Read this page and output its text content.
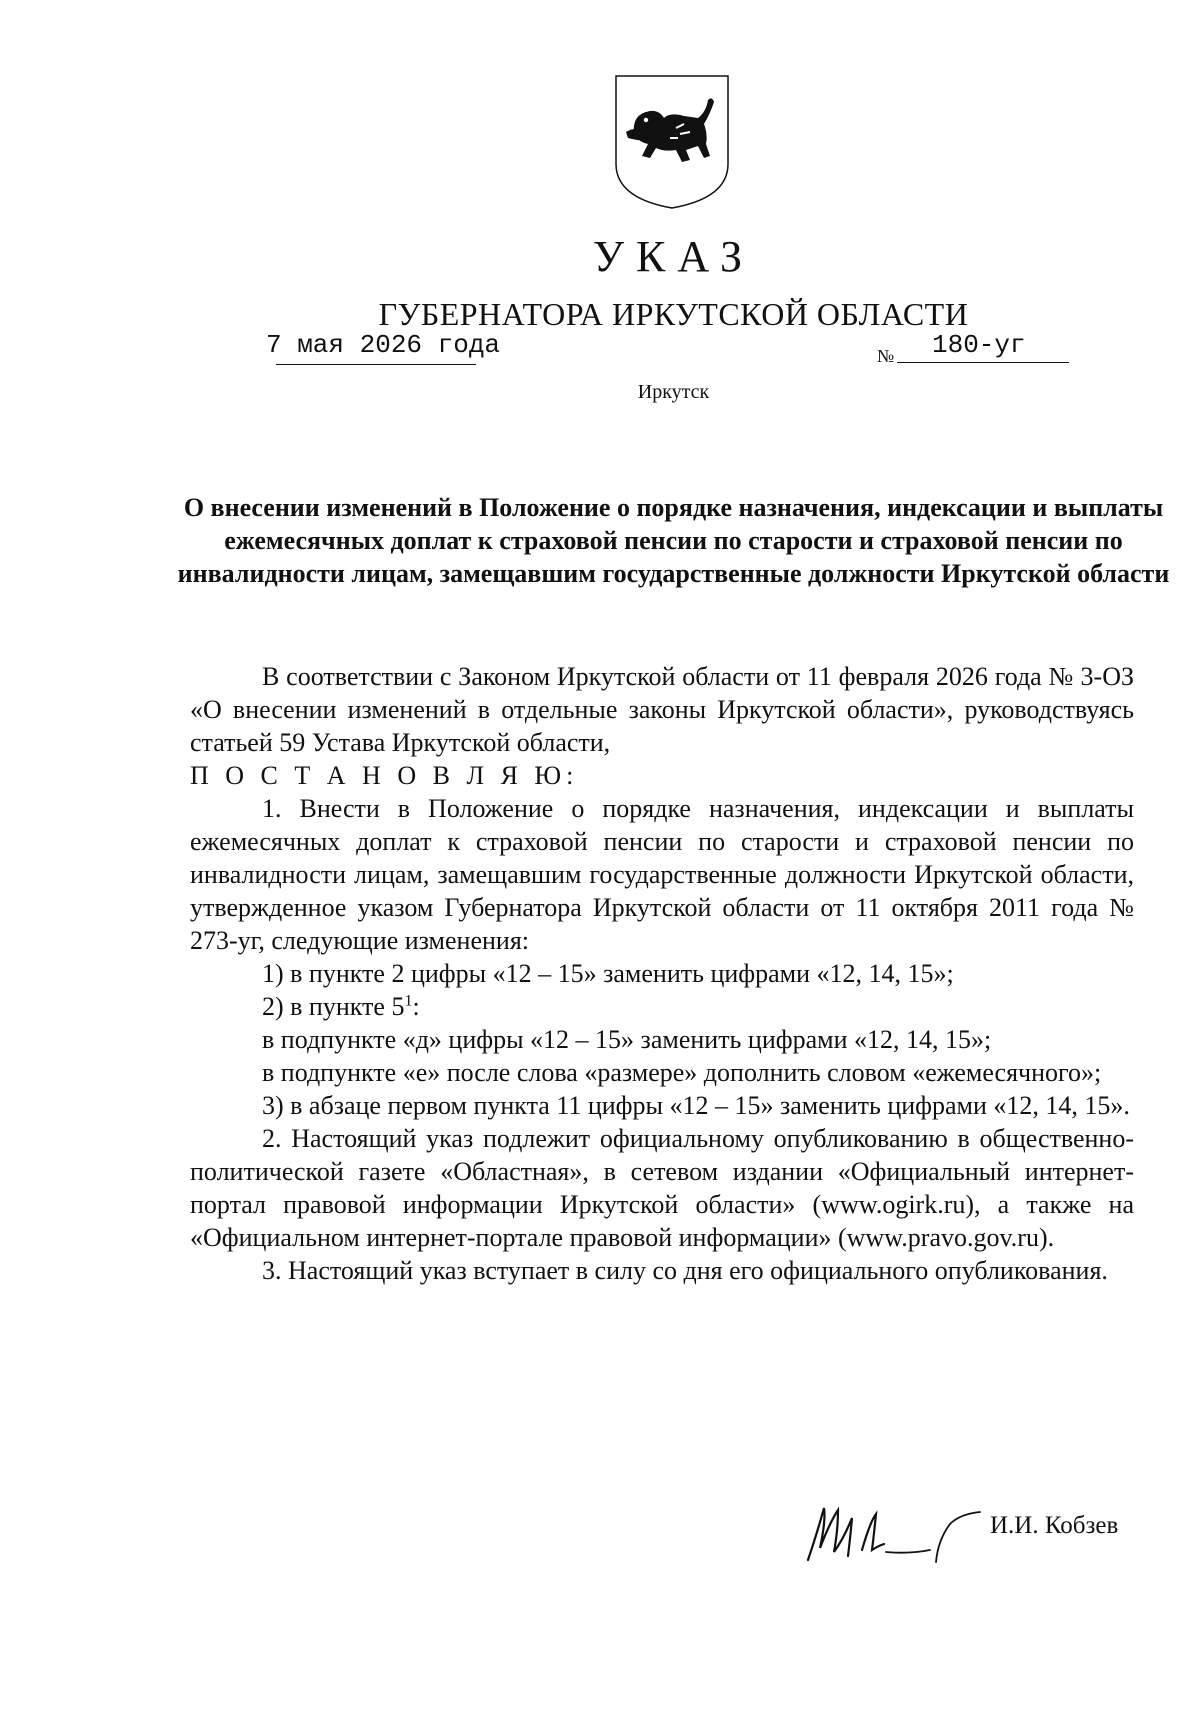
УКАЗ
ГУБЕРНАТОРА ИРКУТСКОЙ ОБЛАСТИ
7 мая 2026 года	№ 180-уг
Иркутск
О внесении изменений в Положение о порядке назначения, индексации и выплаты ежемесячных доплат к страховой пенсии по старости и страховой пенсии по инвалидности лицам, замещавшим государственные должности Иркутской области

В соответствии с Законом Иркутской области от 11 февраля 2026 года № 3-ОЗ «О внесении изменений в отдельные законы Иркутской области», руководствуясь статьей 59 Устава Иркутской области,

П О С Т А Н О В Л Я Ю:

1. Внести в Положение о порядке назначения, индексации и выплаты ежемесячных доплат к страховой пенсии по старости и страховой пенсии по инвалидности лицам, замещавшим государственные должности Иркутской области, утвержденное указом Губернатора Иркутской области от 11 октября 2011 года № 273-уг, следующие изменения:

1) в пункте 2 цифры «12 – 15» заменить цифрами «12, 14, 15»;

2) в пункте $5^1$:

в подпункте «д» цифры «12 – 15» заменить цифрами «12, 14, 15»;

в подпункте «е» после слова «размере» дополнить словом «ежемесячного»;

3) в абзаце первом пункта 11 цифры «12 – 15» заменить цифрами «12, 14, 15».

2. Настоящий указ подлежит официальному опубликованию в общественно-политической газете «Областная», в сетевом издании «Официальный интернет-портал правовой информации Иркутской области» (www.ogirk.ru), а также на «Официальном интернет-портале правовой информации» (www.pravo.gov.ru).

3. Настоящий указ вступает в силу со дня его официального опубликования.

И.И. Кобзев
